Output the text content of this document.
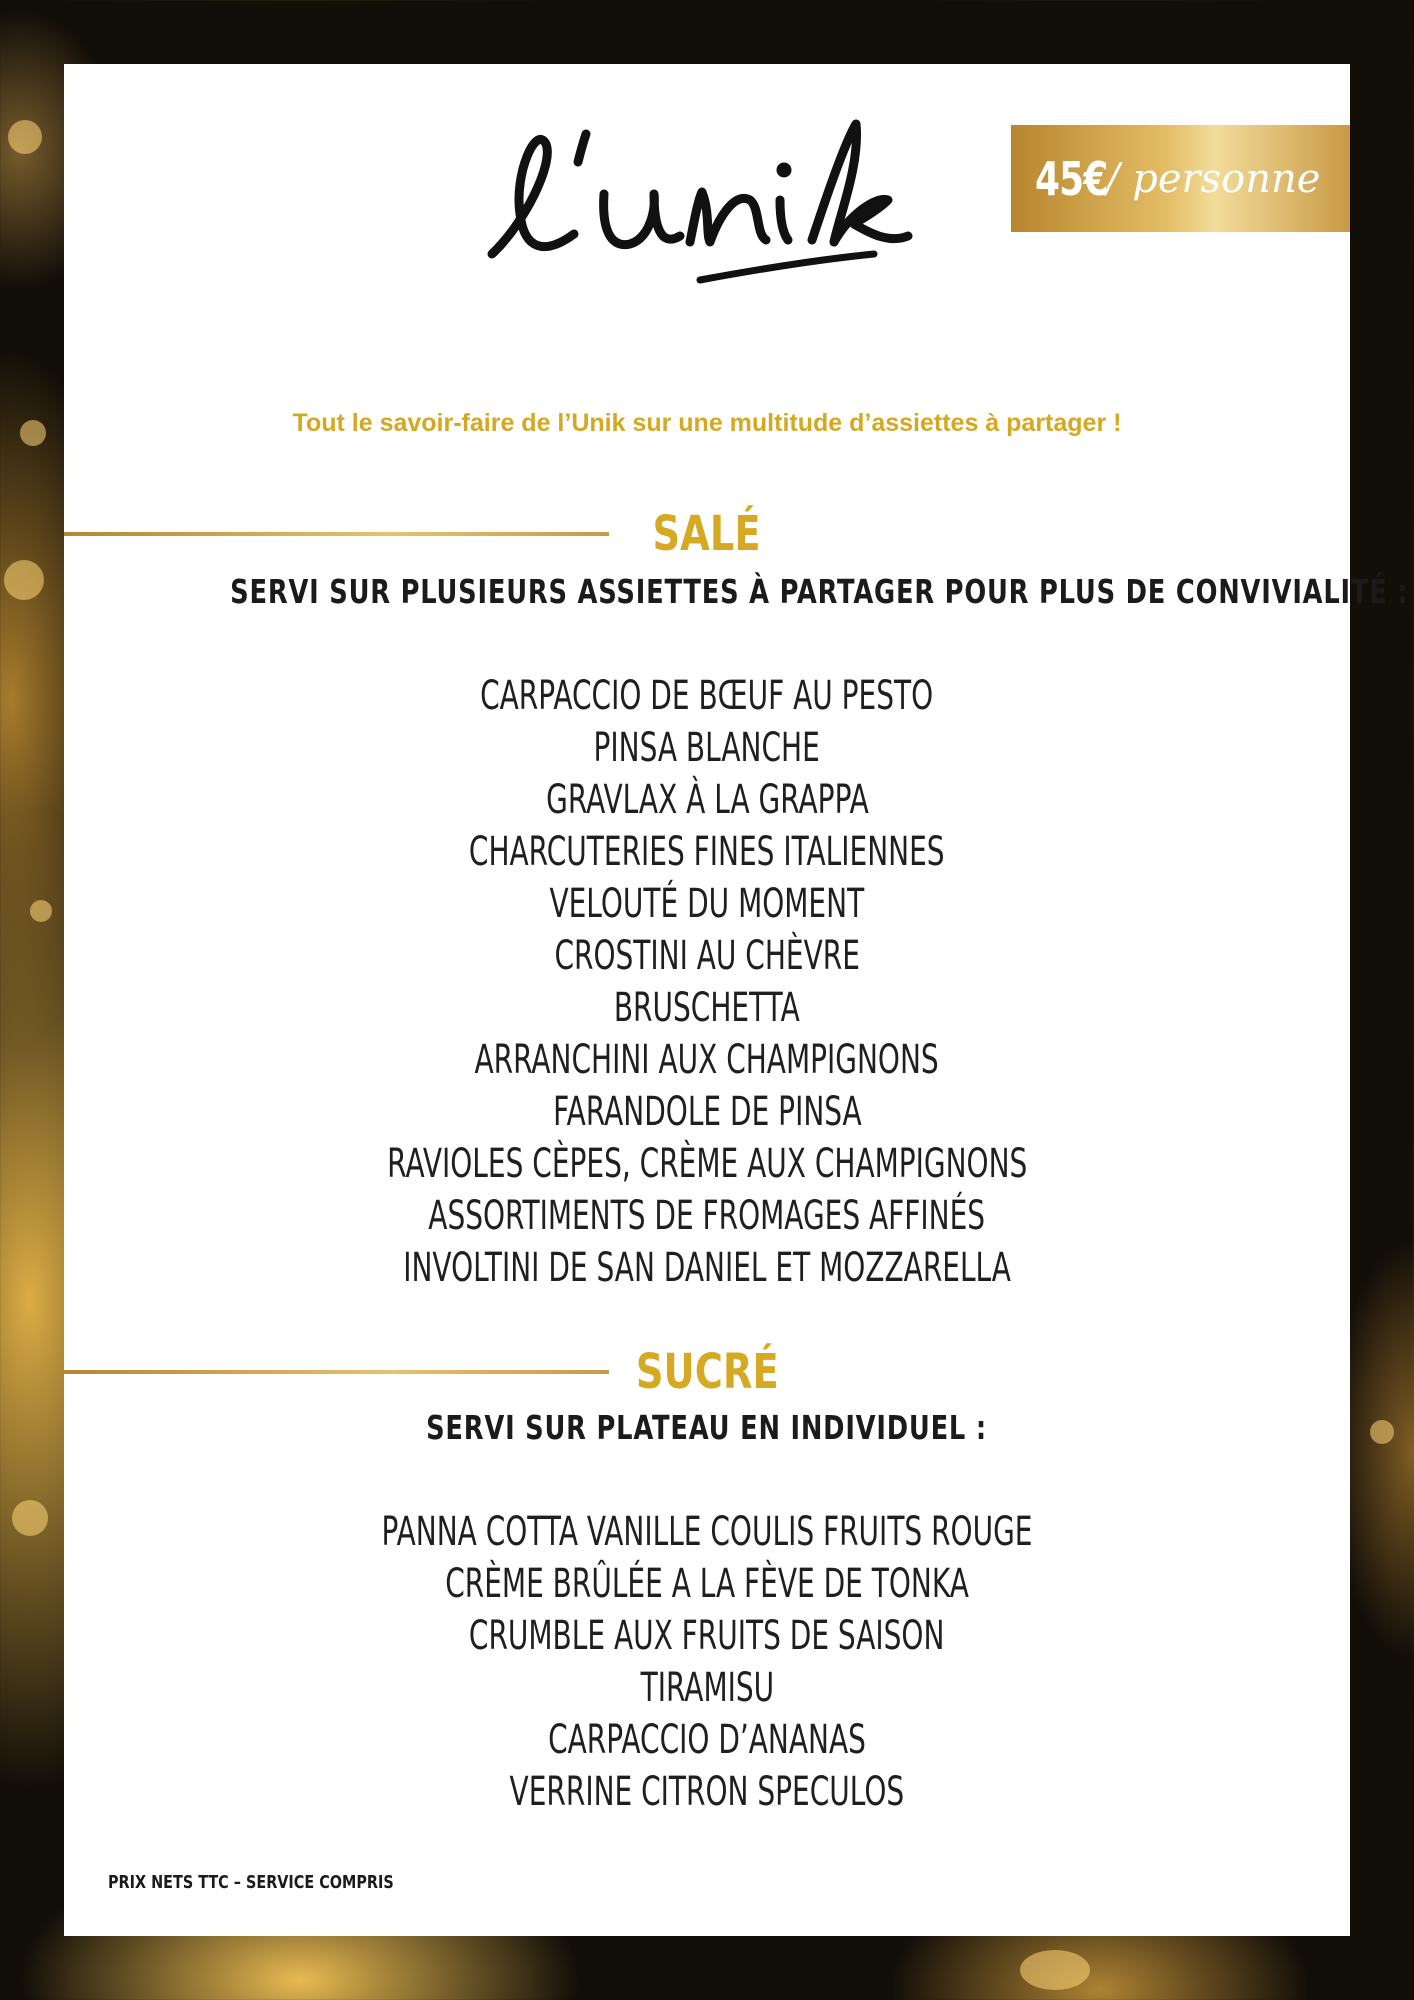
45€
/ personne
APÉRITIVO
Tout le savoir-faire de l’Unik sur une multitude d’assiettes à partager !
SALÉ
SERVI SUR PLUSIEURS ASSIETTES À PARTAGER POUR PLUS DE CONVIVIALITÉ :
CARPACCIO DE BŒUF AU PESTO
PINSA BLANCHE
GRAVLAX À LA GRAPPA
CHARCUTERIES FINES ITALIENNES
VELOUTÉ DU MOMENT
CROSTINI AU CHÈVRE
BRUSCHETTA
ARRANCHINI AUX CHAMPIGNONS
FARANDOLE DE PINSA
RAVIOLES CÈPES, CRÈME AUX CHAMPIGNONS
ASSORTIMENTS DE FROMAGES AFFINÉS
INVOLTINI DE SAN DANIEL ET MOZZARELLA
SUCRÉ
SERVI SUR PLATEAU EN INDIVIDUEL :
PANNA COTTA VANILLE COULIS FRUITS ROUGE
CRÈME BRÛLÉE A LA FÈVE DE TONKA
CRUMBLE AUX FRUITS DE SAISON
TIRAMISU
CARPACCIO D’ANANAS
VERRINE CITRON SPECULOS
PRIX NETS TTC – SERVICE COMPRIS
